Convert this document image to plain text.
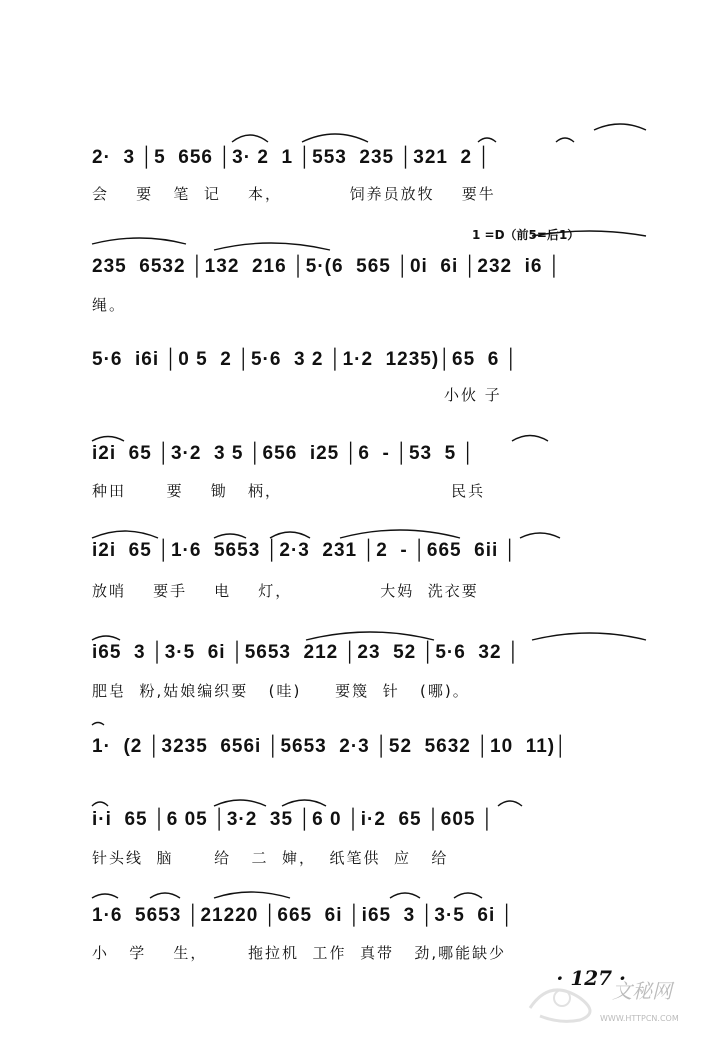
2·  3 │5  656 │3· 2  1 │553  235 │321  2 │
会    要   笔  记    本，          饲养员放牧    要牛
1 =D（前5=后1）
235  6532 │132  216 │5·(6  565 │0i  6i │232  i6 │
绳。
5·6  i6i │0 5  2 │5·6  3 2 │1·2  1235)│65  6 │
小伙 子
i2i  65 │3·2  3 5 │656  i25 │6  - │53  5 │
种田      要    锄   柄，                         民兵
i2i  65 │1·6  5653 │2·3  231 │2  - │665  6ii │
放哨    要手    电    灯，             大妈  洗衣要
i65  3 │3·5  6i │5653  212 │23  52 │5·6  32 │
肥皂  粉,姑娘编织要   (哇)     要篾  针   (哪)。
1·  (2 │3235  656i │5653  2·3 │52  5632 │10  11)│
i·i  65 │6 05 │3·2  35 │6 0 │i·2  65 │605 │
针头线  脑      给   二  婶，  纸笔供  应   给
1·6  5653 │21220 │665  6i │i65  3 │3·5  6i │
小   学    生，      拖拉机  工作  真带   劲,哪能缺少
· 127 ·
文秘网
WWW.HTTPCN.COM
